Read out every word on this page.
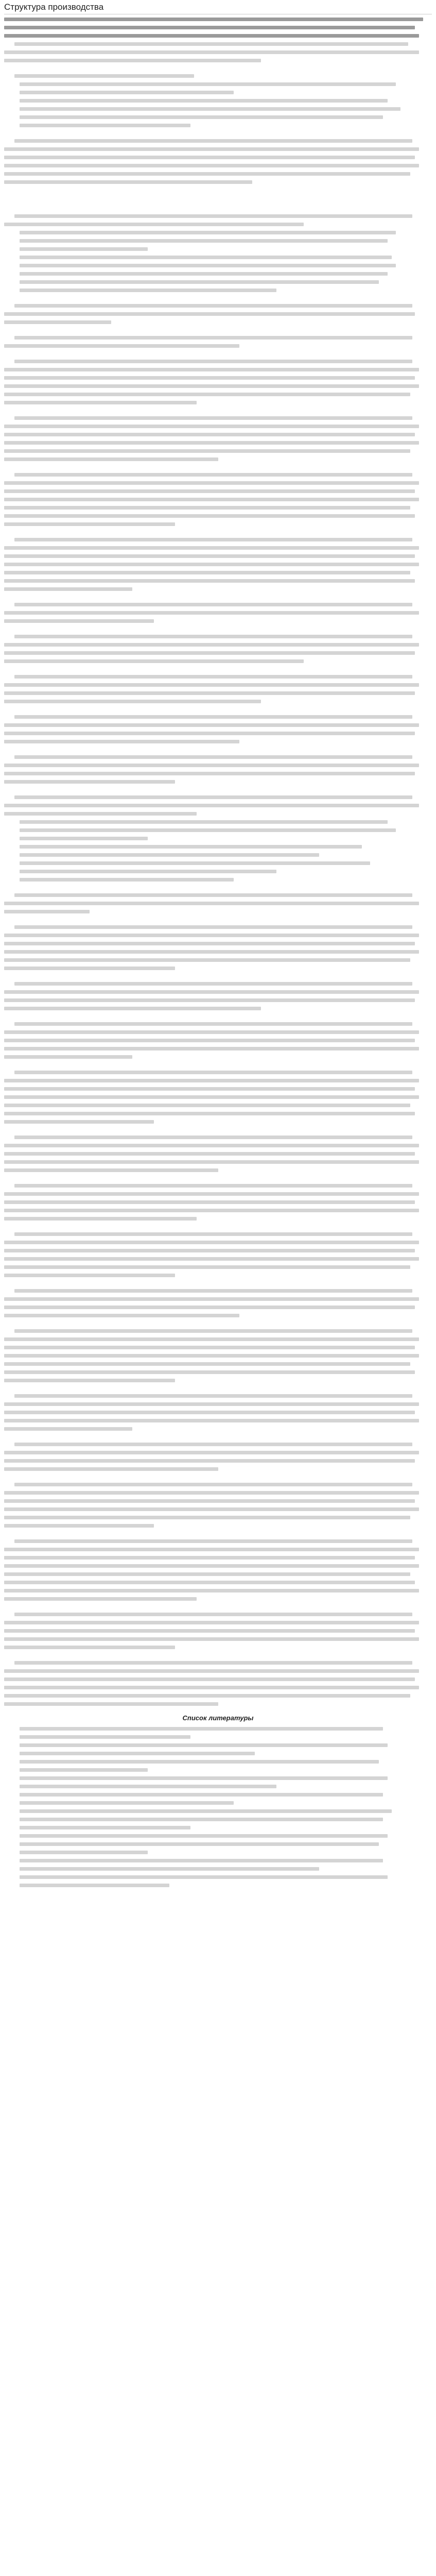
Структура производства
Список литературы
